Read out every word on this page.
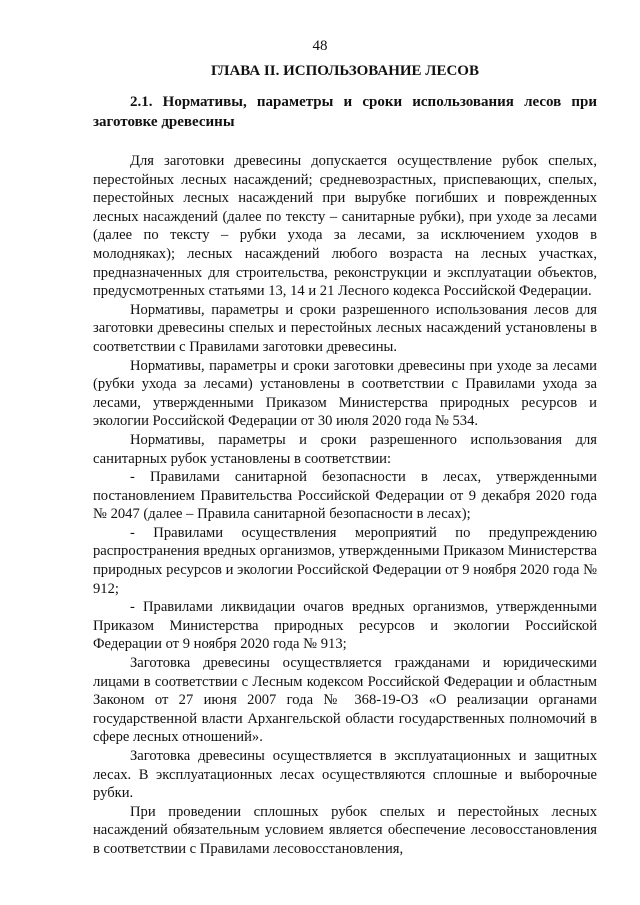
48
ГЛАВА II. ИСПОЛЬЗОВАНИЕ ЛЕСОВ
2.1. Нормативы, параметры и сроки использования лесов при заготовке древесины

Для заготовки древесины допускается осуществление рубок спелых, перестойных лесных насаждений; средневозрастных, приспевающих, спелых, перестойных лесных насаждений при вырубке погибших и поврежденных лесных насаждений (далее по тексту – санитарные рубки), при уходе за лесами (далее по тексту – рубки ухода за лесами, за исключением уходов в молодняках); лесных насаждений любого возраста на лесных участках, предназначенных для строительства, реконструкции и эксплуатации объектов, предусмотренных статьями 13, 14 и 21 Лесного кодекса Российской Федерации.

Нормативы, параметры и сроки разрешенного использования лесов для заготовки древесины спелых и перестойных лесных насаждений установлены в соответствии с Правилами заготовки древесины.

Нормативы, параметры и сроки заготовки древесины при уходе за лесами (рубки ухода за лесами) установлены в соответствии с Правилами ухода за лесами, утвержденными Приказом Министерства природных ресурсов и экологии Российской Федерации от 30 июля 2020 года № 534.

Нормативы, параметры и сроки разрешенного использования для санитарных рубок установлены в соответствии:

- Правилами санитарной безопасности в лесах, утвержденными постановлением Правительства Российской Федерации от 9 декабря 2020 года № 2047 (далее – Правила санитарной безопасности в лесах);

- Правилами осуществления мероприятий по предупреждению распространения вредных организмов, утвержденными Приказом Министерства природных ресурсов и экологии Российской Федерации от 9 ноября 2020 года № 912;

- Правилами ликвидации очагов вредных организмов, утвержденными Приказом Министерства природных ресурсов и экологии Российской Федерации от 9 ноября 2020 года № 913;

Заготовка древесины осуществляется гражданами и юридическими лицами в соответствии с Лесным кодексом Российской Федерации и областным Законом от 27 июня 2007 года № 368-19-ОЗ «О реализации органами государственной власти Архангельской области государственных полномочий в сфере лесных отношений».

Заготовка древесины осуществляется в эксплуатационных и защитных лесах. В эксплуатационных лесах осуществляются сплошные и выборочные рубки.

При проведении сплошных рубок спелых и перестойных лесных насаждений обязательным условием является обеспечение лесовосстановления в соответствии с Правилами лесовосстановления,
